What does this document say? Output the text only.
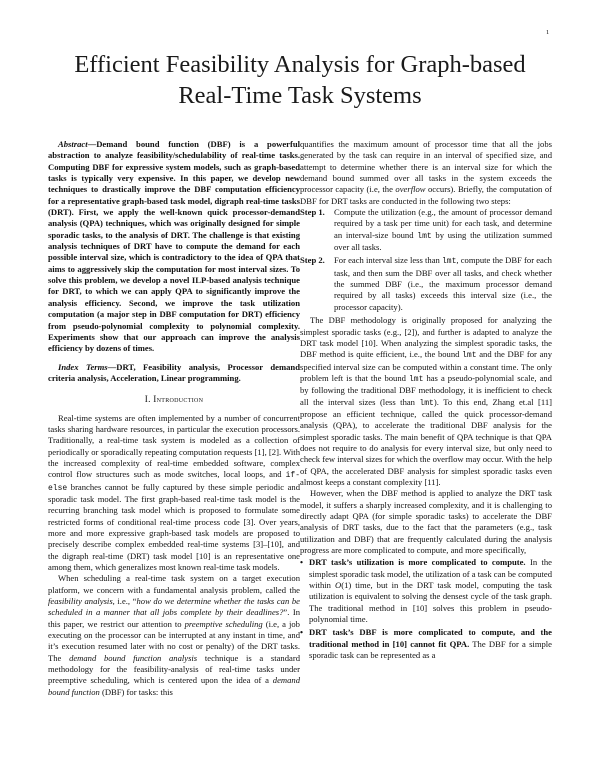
1
Efficient Feasibility Analysis for Graph-based
Real-Time Task Systems

Abstract—Demand bound function (DBF) is a powerful abstraction to analyze feasibility/schedulability of real-time tasks. Computing DBF for expressive system models, such as graph-based tasks is typically very expensive. In this paper, we develop new techniques to drastically improve the DBF computation efficiency for a representative graph-based task model, digraph real-time tasks (DRT). First, we apply the well-known quick processor-demand analysis (QPA) techniques, which was originally designed for simple sporadic tasks, to the analysis of DRT. The challenge is that existing analysis techniques of DRT have to compute the demand for each possible interval size, which is contradictory to the idea of QPA that aims to aggressively skip the computation for most interval sizes. To solve this problem, we develop a novel ILP-based analysis technique for DRT, to which we can apply QPA to significantly improve the analysis efficiency. Second, we improve the task utilization computation (a major step in DBF computation for DRT) efficiency from pseudo-polynomial complexity to polynomial complexity. Experiments show that our approach can improve the analysis efficiency by dozens of times.

Index Terms—DRT, Feasibility analysis, Processor demand criteria analysis, Acceleration, Linear programming.

I. Introduction

Real-time systems are often implemented by a number of concurrent tasks sharing hardware resources, in particular the execution processors. Traditionally, a real-time task system is modeled as a collection of periodically or sporadically repeating computation requests [1], [2]. With the increased complexity of real-time embedded software, complex control flow structures such as mode switches, local loops, and if-else branches cannot be fully captured by these simple periodic and sporadic task model. The first graph-based real-time task model is the recurring branching task model which is proposed to formulate some restricted forms of conditional real-time process code [3]. Over years, more and more expressive graph-based task models are proposed to precisely describe complex embedded real-time systems [3]–[10], and the digraph real-time (DRT) task model [10] is an representative one among them, which generalizes most known real-time task models.

When scheduling a real-time task system on a target execution platform, we concern with a fundamental analysis problem, called the feasibility analysis, i.e., “how do we determine whether the tasks can be scheduled in a manner that all jobs complete by their deadlines?”. In this paper, we restrict our attention to preemptive scheduling (i.e, a job executing on the processor can be interrupted at any instant in time, and it’s execution resumed later with no cost or penalty) of the DRT tasks. The demand bound function analysis technique is a standard methodology for the feasibility-analysis of real-time tasks under preemptive scheduling, which is centered upon the idea of a demand bound function (DBF) for tasks: this

quantifies the maximum amount of processor time that all the jobs generated by the task can require in an interval of specified size, and attempt to determine whether there is an interval size for which the demand bound summed over all tasks in the system exceeds the processor capacity (i.e, the overflow occurs). Briefly, the computation of DBF for DRT tasks are conducted in the following two steps:

Step 1.	Compute the utilization (e.g., the amount of processor demand required by a task per time unit) for each task, and determine an interval-size bound lmt by using the utilization summed over all tasks.
Step 2.	For each interval size less than lmt, compute the DBF for each task, and then sum the DBF over all tasks, and check whether the summed DBF (i.e., the maximum processor demand required by all tasks) exceeds this interval size (i.e., the processor capacity).

The DBF methodology is originally proposed for analyzing the simplest sporadic tasks (e.g., [2]), and further is adapted to analyze the DRT task model [10]. When analyzing the simplest sporadic tasks, the DBF method is quite efficient, i.e., the bound lmt and the DBF for any specified interval size can be computed within a constant time. The only problem left is that the bound lmt has a pseudo-polynomial scale, and by following the traditional DBF methodology, it is inefficient to check all the interval sizes (less than lmt). To this end, Zhang et.al [11] propose an efficient technique, called the quick processor-demand analysis (QPA), to accelerate the traditional DBF analysis for the simplest sporadic tasks. The main benefit of QPA technique is that QPA does not require to do analysis for every interval size, but only need to check few interval sizes for which the overflow may occur. With the help of QPA, the accelerated DBF analysis for simplest sporadic tasks even almost keeps a constant complexity [11].

However, when the DBF method is applied to analyze the DRT task model, it suffers a sharply increased complexity, and it is challenging to directly adapt QPA (for simple sporadic tasks) to accelerate the DBF analysis of DRT tasks, due to the fact that the parameters (e.g., task utilization and DBF) that are frequently calculated during the analysis progress are more complicated to compute, and more specifically,

• DRT task’s utilization is more complicated to compute. In the simplest sporadic task model, the utilization of a task can be computed within O(1) time, but in the DRT task model, computing the task utilization is equivalent to solving the densest cycle of the task graph. The traditional method in [10] solves this problem in pseudo-polynomial time.
• DRT task’s DBF is more complicated to compute, and the traditional method in [10] cannot fit QPA. The DBF for a simple sporadic task can be represented as a
